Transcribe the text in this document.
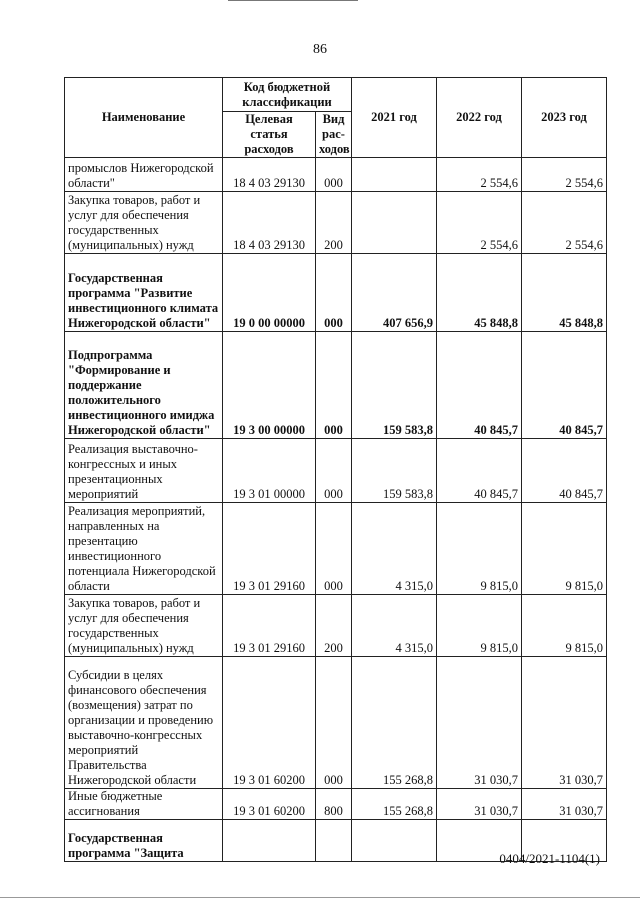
86
Наименование	Код бюджетной классификации		2021 год	2022 год	2023 год
	Целевая статья расходов	Вид рас-ходов			
промыслов Нижегородской области"	18 4 03 29130	000		2 554,6	2 554,6
Закупка товаров, работ и услуг для обеспечения государственных (муниципальных) нужд	18 4 03 29130	200		2 554,6	2 554,6
Государственная программа "Развитие инвестиционного климата Нижегородской области"	19 0 00 00000	000	407 656,9	45 848,8	45 848,8
Подпрограмма "Формирование и поддержание положительного инвестиционного имиджа Нижегородской области"	19 3 00 00000	000	159 583,8	40 845,7	40 845,7
Реализация выставочно-конгрессных и иных презентационных мероприятий	19 3 01 00000	000	159 583,8	40 845,7	40 845,7
Реализация мероприятий, направленных на презентацию инвестиционного потенциала Нижегородской области	19 3 01 29160	000	4 315,0	9 815,0	9 815,0
Закупка товаров, работ и услуг для обеспечения государственных (муниципальных) нужд	19 3 01 29160	200	4 315,0	9 815,0	9 815,0
Субсидии в целях финансового обеспечения (возмещения) затрат по организации и проведению выставочно-конгрессных мероприятий Правительства Нижегородской области	19 3 01 60200	000	155 268,8	31 030,7	31 030,7
Иные бюджетные ассигнования	19 3 01 60200	800	155 268,8	31 030,7	31 030,7
Государственная программа "Защита						0404/2021-1104(1)
